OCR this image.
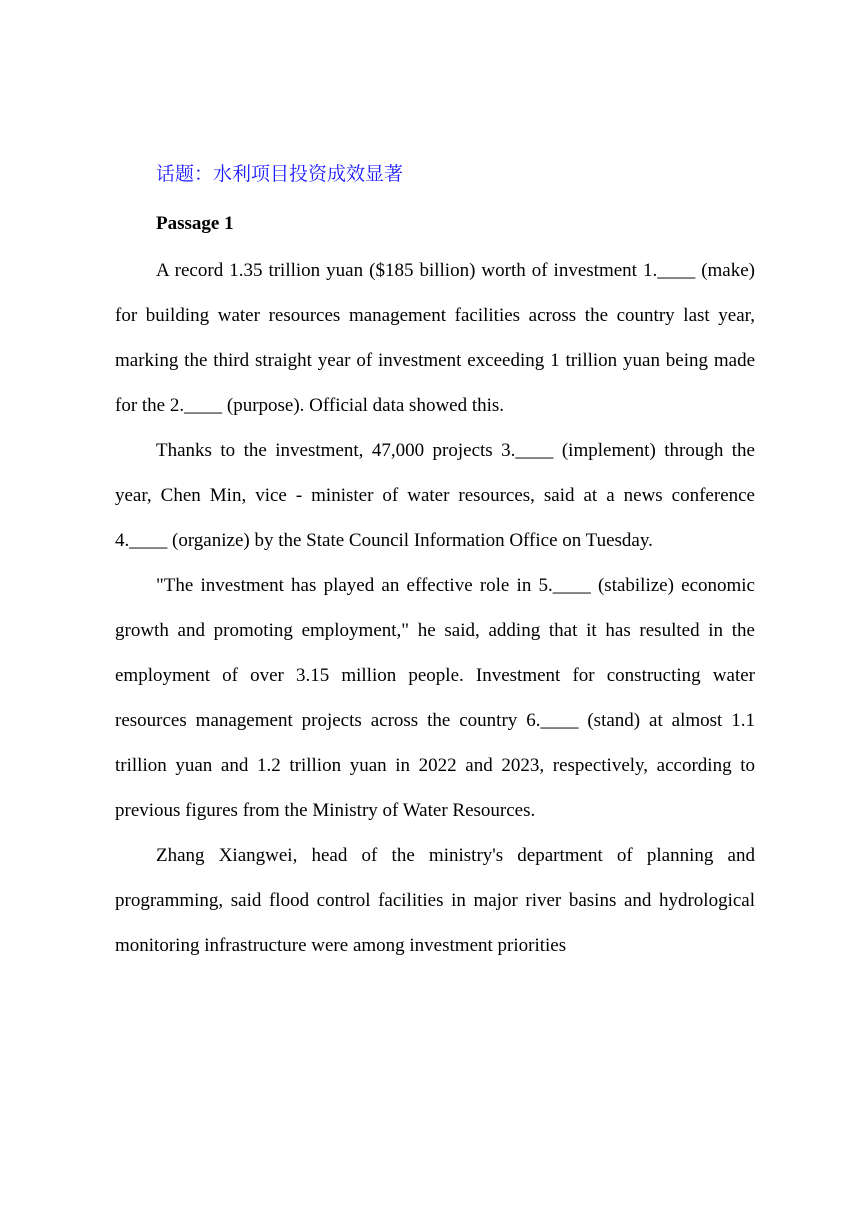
话题：水利项目投资成效显著
Passage 1

A record 1.35 trillion yuan ($185 billion) worth of investment 1.____ (make) for building water resources management facilities across the country last year, marking the third straight year of investment exceeding 1 trillion yuan being made for the 2.____ (purpose). Official data showed this.

Thanks to the investment, 47,000 projects 3.____ (implement) through the year, Chen Min, vice - minister of water resources, said at a news conference 4.____ (organize) by the State Council Information Office on Tuesday.

"The investment has played an effective role in 5.____ (stabilize) economic growth and promoting employment," he said, adding that it has resulted in the employment of over 3.15 million people. Investment for constructing water resources management projects across the country 6.____ (stand) at almost 1.1 trillion yuan and 1.2 trillion yuan in 2022 and 2023, respectively, according to previous figures from the Ministry of Water Resources.

Zhang Xiangwei, head of the ministry's department of planning and programming, said flood control facilities in major river basins and hydrological monitoring infrastructure were among investment priorities
